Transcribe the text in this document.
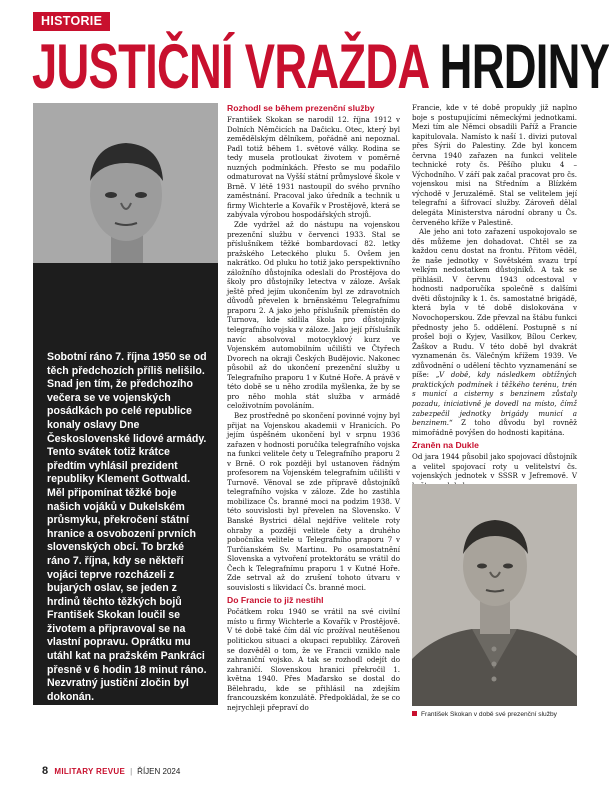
HISTORIE
JUSTIČNÍ VRAŽDA HRDINY
Sobotní ráno 7. října 1950 se od těch předchozích příliš nelišilo. Snad jen tím, že předchozího večera se ve vojenských posádkách po celé republice konaly oslavy Dne Československé lidové armády. Tento svátek totiž krátce předtím vyhlásil prezident republiky Klement Gottwald. Měl připomínat těžké boje našich vojáků v Dukelském průsmyku, překročení státní hranice a osvobození prvních slovenských obcí. To brzké ráno 7. října, kdy se někteří vojáci teprve rozcházeli z bujarých oslav, se jeden z hrdinů těchto těžkých bojů František Skokan loučil se životem a připravoval se na vlastní popravu. Oprátku mu utáhl kat na pražském Pankráci přesně v 6 hodin 18 minut ráno. Nezvratný justiční zločin byl dokonán.
Rozhodl se během prezenční služby

František Skokan se narodil 12. října 1912 v Dolních Němčicích na Dačicku. Otec, který byl zemědělským dělníkem, pořádně ani nepoznal. Padl totiž během 1. světové války. Rodina se tedy musela protloukat životem v poměrně nuzných podmínkách. Přesto se mu podařilo odmaturovat na Vyšší státní průmyslové škole v Brně. V létě 1931 nastoupil do svého prvního zaměstnání. Pracoval jako úředník a technik u firmy Wichterle a Kovařík v Prostějově, která se zabývala výrobou hospodářských strojů.

Zde vydržel až do nástupu na vojenskou prezenční službu v červenci 1933. Stal se příslušníkem těžké bombardovací 82. letky pražského Leteckého pluku 5. Ovšem jen nakrátko. Od pluku ho totiž jako perspektivního záložního důstojníka odeslali do Prostějova do školy pro důstojníky letectva v záloze. Avšak ještě před jejím ukončením byl ze zdravotních důvodů převelen k brněnskému Telegrafnímu praporu 2. A jako jeho příslušník přemístěn do Turnova, kde sídlila škola pro důstojníky telegrafního vojska v záloze. Jako její příslušník navíc absolvoval motocyklový kurz ve Vojenském automobilním učilišti ve Čtyřech Dvorech na okraji Českých Budějovic. Nakonec působil až do ukončení prezenční služby u Telegrafního praporu 1 v Kutné Hoře. A právě v této době se u něho zrodila myšlenka, že by se pro něho mohla stát služba v armádě celoživotním povoláním.

Bez prostředně po skončení povinné vojny byl přijat na Vojenskou akademii v Hranicích. Po jejím úspěšném ukončení byl v srpnu 1936 zařazen v hodnosti poručíka telegrafního vojska na funkci velitele čety u Telegrafního praporu 2 v Brně. O rok později byl ustanoven řádným profesorem na Vojenském telegrafním učilišti v Turnově. Věnoval se zde přípravě důstojníků telegrafního vojska v záloze. Zde ho zastihla mobilizace Čs. branné moci na podzim 1938. V této souvislosti byl převelen na Slovensko. V Banské Bystrici dělal nejdříve velitele roty ohraby a později velitele čety a druhého pobočníka velitele u Telegrafního praporu 7 v Turčianském Sv. Martinu. Po osamostatnění Slovenska a vytvoření protektorátu se vrátil do Čech k Telegrafnímu praporu 1 v Kutné Hoře. Zde setrval až do zrušení tohoto útvaru v souvislosti s likvidací Čs. branné moci.

Do Francie to již nestihl

Počátkem roku 1940 se vrátil na své civilní místo u firmy Wichterle a Kovařík v Prostějově. V té době také čím dál víc prožíval neutěšenou politickou situaci a okupaci republiky. Zároveň se dozvěděl o tom, že ve Francii vzniklo nale zahraniční vojsko. A tak se rozhodl odejít do zahraničí. Slovenskou hranici překročil 1. května 1940. Přes Maďarsko se dostal do Bělehradu, kde se přihlásil na zdejším francouzském konzulátě. Předpokládal, že se co nejrychleji přepraví do

Francie, kde v té době propukly již naplno boje s postupujícími německými jednotkami. Mezi tím ale Němci obsadili Paříž a Francie kapitulovala. Namísto k naší 1. divizi putoval přes Sýrii do Palestiny. Zde byl koncem června 1940 zařazen na funkci velitele technické roty čs. Pěšího pluku 4 – Východního. V září pak začal pracovat pro čs. vojenskou misi na Středním a Blízkém východě v Jeruzalémě. Stal se velitelem její telegrafní a šifrovací služby. Zároveň dělal delegáta Ministerstva národní obrany u Čs. červeného kříže v Palestině.

Ale jeho ani toto zařazení uspokojovalo se děs můžeme jen dohadovat. Chtěl se za každou cenu dostat na frontu. Přitom věděl, že naše jednotky v Sovětském svazu trpí velkým nedostatkem důstojníků. A tak se přihlásil. V červnu 1943 odcestoval v hodnosti nadporučíka společně s dalšími dvěti důstojníky k 1. čs. samostatné brigádě, která byla v té době dislokována v Novochoperskou. Zde převzal na štábu funkci přednosty jeho 5. oddělení. Postupně s ní prošel boji o Kyjev, Vasilkov, Bílou Cerkev, Žaškov a Rudu. V této době byl dvakrát vyznamenán čs. Válečným křížem 1939. Ve zdůvodnění o udělení těchto vyznamenání se píše: „V době, kdy následkem obtížných praktických podmínek i těžkého terénu, trén s municí a cisterny s benzinem zůstaly pozadu, iniciativně je dovedl na místo, čímž zabezpečil jednotky brigády municí a benzinem.“ Z toho důvodu byl rovněž mimořádně povýšen do hodnosti kapitána.

Zraněn na Dukle

Od jara 1944 působil jako spojovací důstojník a velitel spojovací roty u velitelství čs. vojenských jednotek v SSSR v Jefremově. V

František Skokan v době své prezenční služby
8 MILITARY REVUE | ŘÍJEN 2024
